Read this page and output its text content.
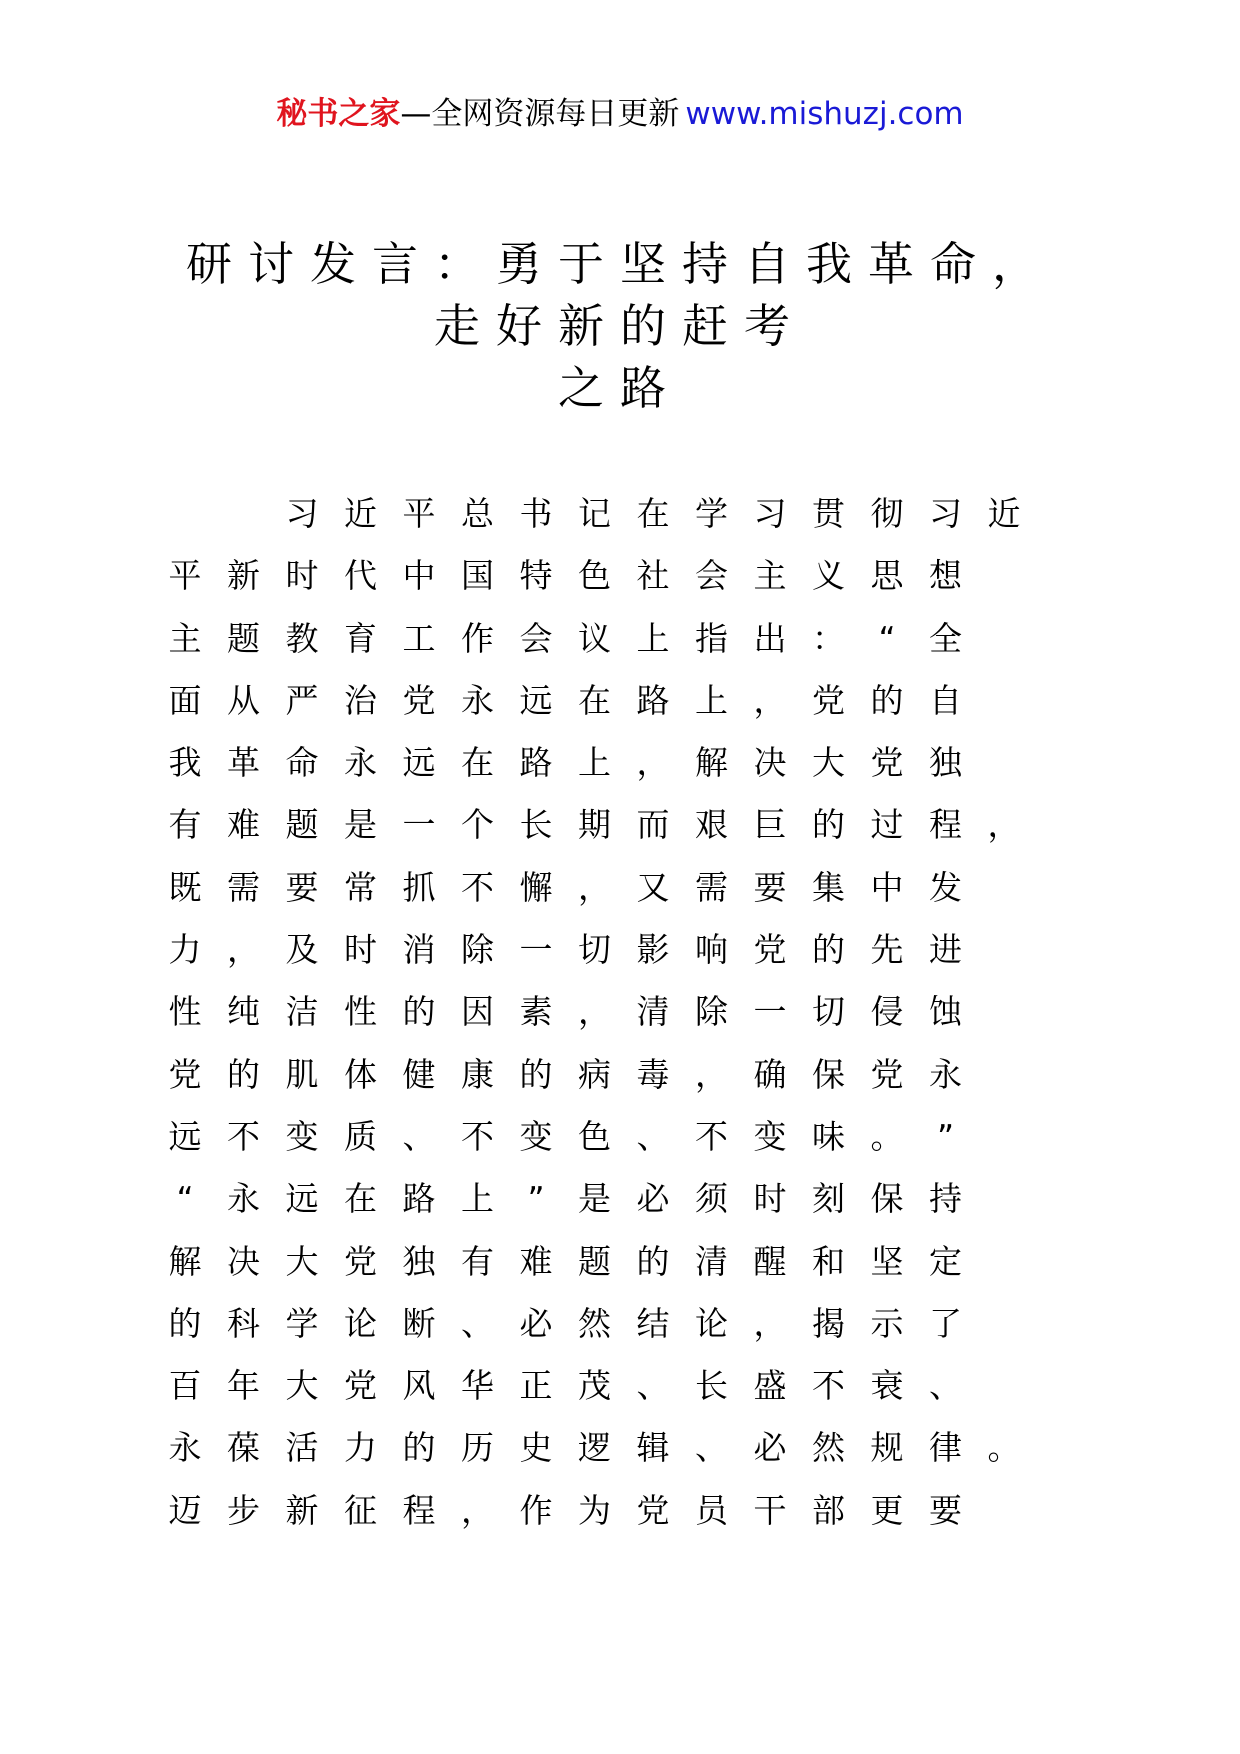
秘书之家—全网资源每日更新 www.mishuzj.com
研讨发言：勇于坚持自我革命，
走好新的赶考
之路
习 近 平 总 书 记 在 学 习 贯 彻 习 近
平 新 时 代 中 国 特 色 社 会 主 义 思 想
主 题 教 育 工 作 会 议 上 指 出 ：	“	全
面 从 严 治 党 永 远 在 路 上 ， 党 的 自
我 革 命 永 远 在 路 上 ， 解 决 大 党 独
有 难 题 是 一 个 长 期 而 艰 巨 的 过 程 ，
既 需 要 常 抓 不 懈 ， 又 需 要 集 中 发
力 ， 及 时 消 除 一 切 影 响 党 的 先 进
性 纯 洁 性 的 因 素 ， 清 除 一 切 侵 蚀
党 的 肌 体 健 康 的 病 毒 ， 确 保 党 永
远 不 变 质 、 不 变 色 、 不 变 味 。	”
“	永 远 在 路 上	”	是 必 须 时 刻 保 持
解 决 大 党 独 有 难 题 的 清 醒 和 坚 定
的 科 学 论 断 、 必 然 结 论 ， 揭 示 了
百 年 大 党 风 华 正 茂 、 长 盛 不 衰 、
永 葆 活 力 的 历 史 逻 辑 、 必 然 规 律 。
迈 步 新 征 程 ， 作 为 党 员 干 部 更 要
